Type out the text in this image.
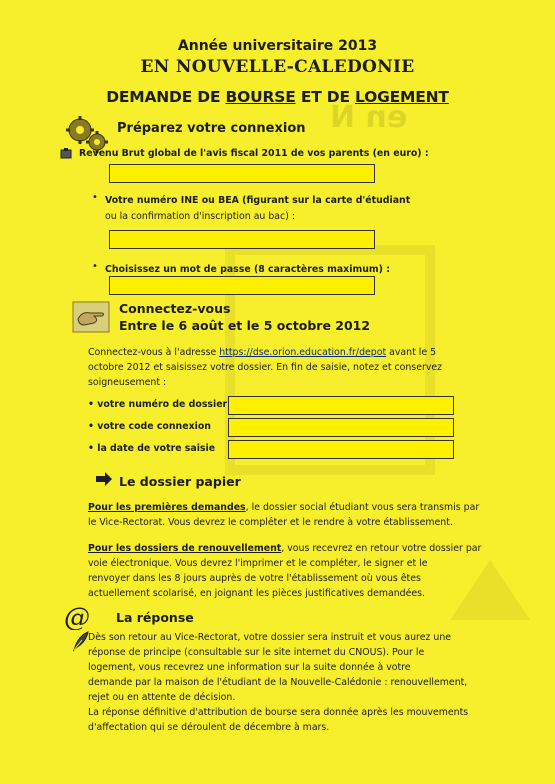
en N
Année universitaire 2013
EN NOUVELLE-CALEDONIE
DEMANDE DE BOURSE ET DE LOGEMENT
Préparez votre connexion
Revenu Brut global de l'avis fiscal 2011 de vos parents (en euro) :
• Votre numéro INE ou BEA (figurant sur la carte d'étudiant
ou la confirmation d'inscription au bac) :
• Choisissez un mot de passe (8 caractères maximum) :
Connectez-vous
Entre le 6 août et le 5 octobre 2012
Connectez-vous à l'adresse https://dse.orion.education.fr/depot avant le 5
octobre 2012 et saisissez votre dossier. En fin de saisie, notez et conservez
soigneusement :
• votre numéro de dossier
• votre code connexion
• la date de votre saisie
Le dossier papier
Pour les premières demandes, le dossier social étudiant vous sera transmis par
le Vice-Rectorat. Vous devrez le compléter et le rendre à votre établissement.
Pour les dossiers de renouvellement, vous recevrez en retour votre dossier par
voie électronique. Vous devrez l'imprimer et le compléter, le signer et le
renvoyer dans les 8 jours auprès de votre l'établissement où vous êtes
actuellement scolarisé, en joignant les pièces justificatives demandées.
@ La réponse
Dès son retour au Vice-Rectorat, votre dossier sera instruit et vous aurez une
réponse de principe (consultable sur le site internet du CNOUS). Pour le
logement, vous recevrez une information sur la suite donnée à votre
demande par la maison de l'étudiant de la Nouvelle-Calédonie : renouvellement,
rejet ou en attente de décision.
La réponse définitive d'attribution de bourse sera donnée après les mouvements
d'affectation qui se déroulent de décembre à mars.
